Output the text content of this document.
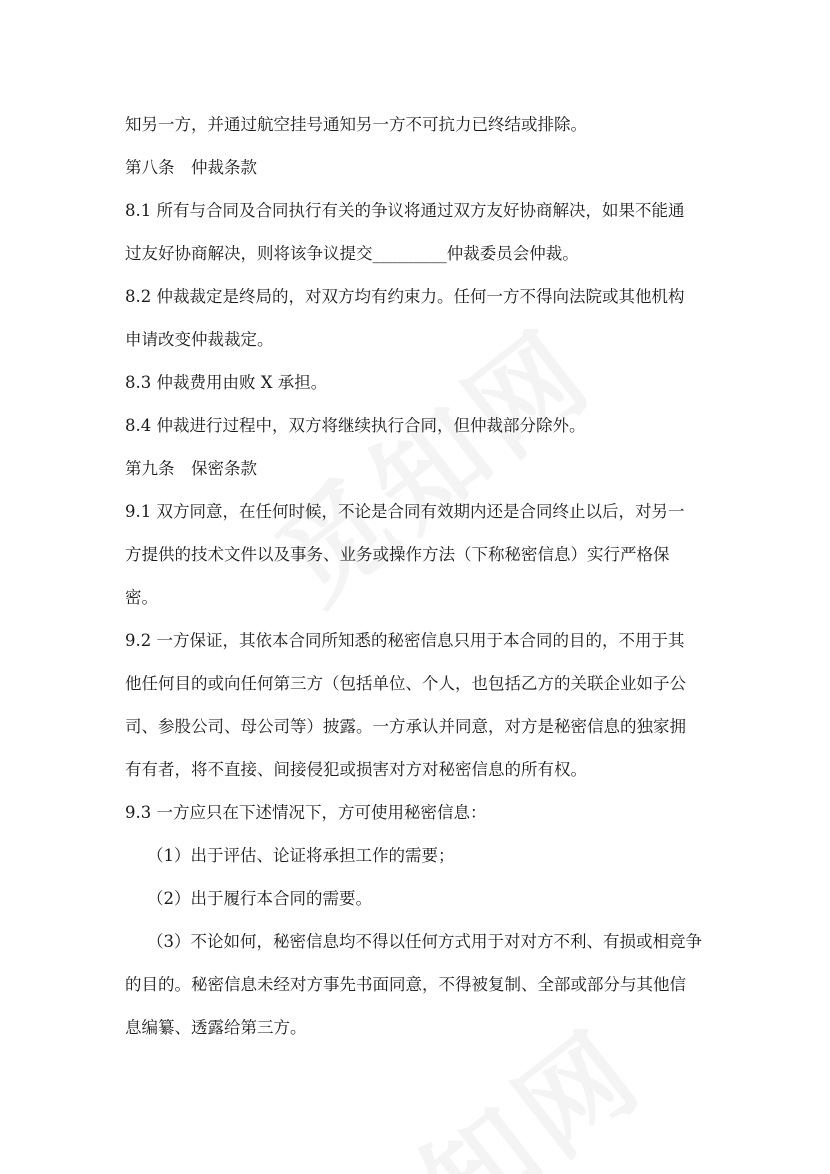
知另一方，并通过航空挂号通知另一方不可抗力已终结或排除。
第八条　仲裁条款
8.1 所有与合同及合同执行有关的争议将通过双方友好协商解决，如果不能通
过友好协商解决，则将该争议提交_________仲裁委员会仲裁。
8.2 仲裁裁定是终局的，对双方均有约束力。任何一方不得向法院或其他机构
申请改变仲裁裁定。
8.3 仲裁费用由败 X 承担。
8.4 仲裁进行过程中，双方将继续执行合同，但仲裁部分除外。
第九条　保密条款
9.1 双方同意，在任何时候，不论是合同有效期内还是合同终止以后，对另一
方提供的技术文件以及事务、业务或操作方法（下称秘密信息）实行严格保
密。
9.2 一方保证，其依本合同所知悉的秘密信息只用于本合同的目的，不用于其
他任何目的或向任何第三方（包括单位、个人，也包括乙方的关联企业如子公
司、参股公司、母公司等）披露。一方承认并同意，对方是秘密信息的独家拥
有有者，将不直接、间接侵犯或损害对方对秘密信息的所有权。
9.3 一方应只在下述情况下，方可使用秘密信息：
（1）出于评估、论证将承担工作的需要；
（2）出于履行本合同的需要。
（3）不论如何，秘密信息均不得以任何方式用于对对方不利、有损或相竞争
的目的。秘密信息未经对方事先书面同意，不得被复制、全部或部分与其他信
息编纂、透露给第三方。
